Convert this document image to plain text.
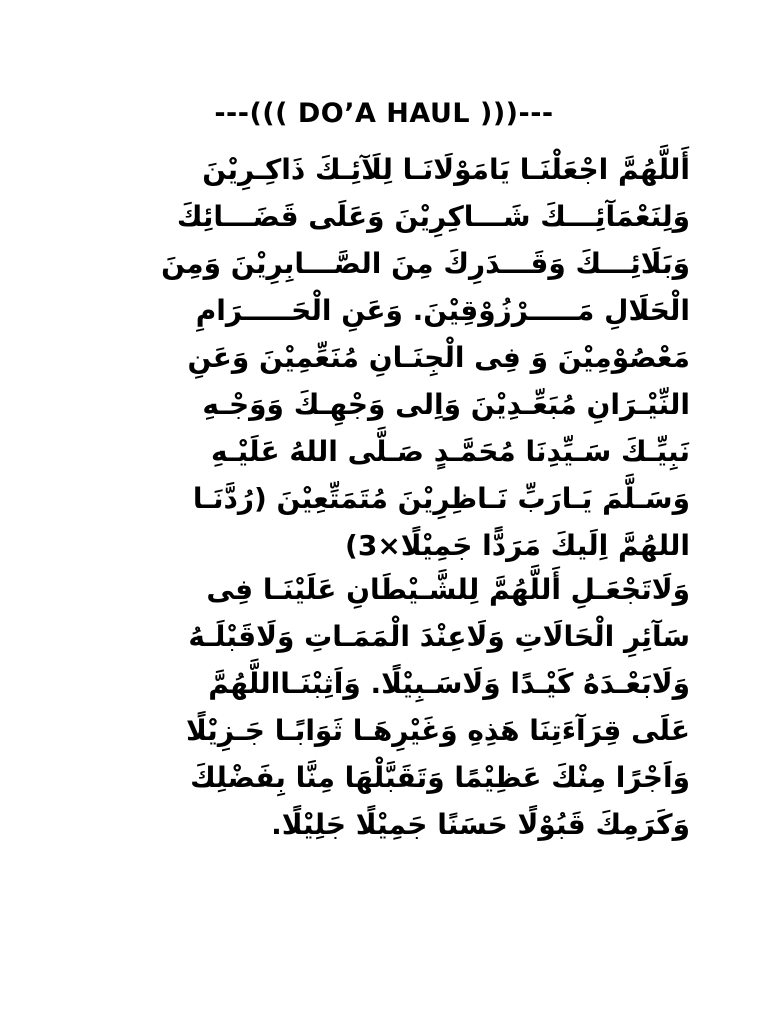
---((( DO’A HAUL )))---
أَللَّهُمَّ اجْعَلْنَـا يَامَوْلَانَـا لِلَآئِـكَ ذَاكِـرِيْنَ
وَلِنَعْمَآئِـــكَ شَـــاكِرِيْنَ وَعَلَى قَضَـــائِكَ
وَبَلَائِـــكَ وَقَـــدَرِكَ مِنَ الصَّـــابِرِيْنَ وَمِنَ
الْحَلَالِ مَـــــرْزُوْقِيْنَ. وَعَنِ الْحَـــــرَامِ
مَعْصُوْمِيْنَ وَ فِى الْجِنَـانِ مُنَعِّمِيْنَ وَعَنِ
النِّيْـرَانِ مُبَعِّـدِيْنَ وَاِلى وَجْهِـكَ وَوَجْـهِ
نَبِيِّـكَ سَـيِّدِنَا مُحَمَّـدٍ صَـلَّى اللهُ عَلَيْـهِ
وَسَـلَّمَ يَـارَبِّ نَـاظِرِيْنَ مُتَمَتِّعِيْنَ (رُدَّنَـا
اللهُمَّ اِلَيكَ مَرَدًّا جَمِيْلًا×3)
وَلَاتَجْعَـلِ أَللَّهُمَّ لِلشَّـيْطَانِ عَلَيْنَـا فِى
سَآئِرِ الْحَالَاتِ وَلَاعِنْدَ الْمَمَـاتِ وَلَاقَبْلَـهُ
وَلَابَعْـدَهُ كَيْـدًا وَلَاسَـبِيْلًا. وَاَثِبْنَـااللَّهُمَّ
عَلَى قِرَآءَتِنَا هَذِهِ وَغَيْرِهَـا ثَوَابًـا جَـزِيْلًا
وَاَجْرًا مِنْكَ عَظِيْمًا وَتَقَبَّلْهَا مِنَّا بِفَضْلِكَ
وَكَرَمِكَ قَبُوْلًا حَسَنًا جَمِيْلًا جَلِيْلًا.
